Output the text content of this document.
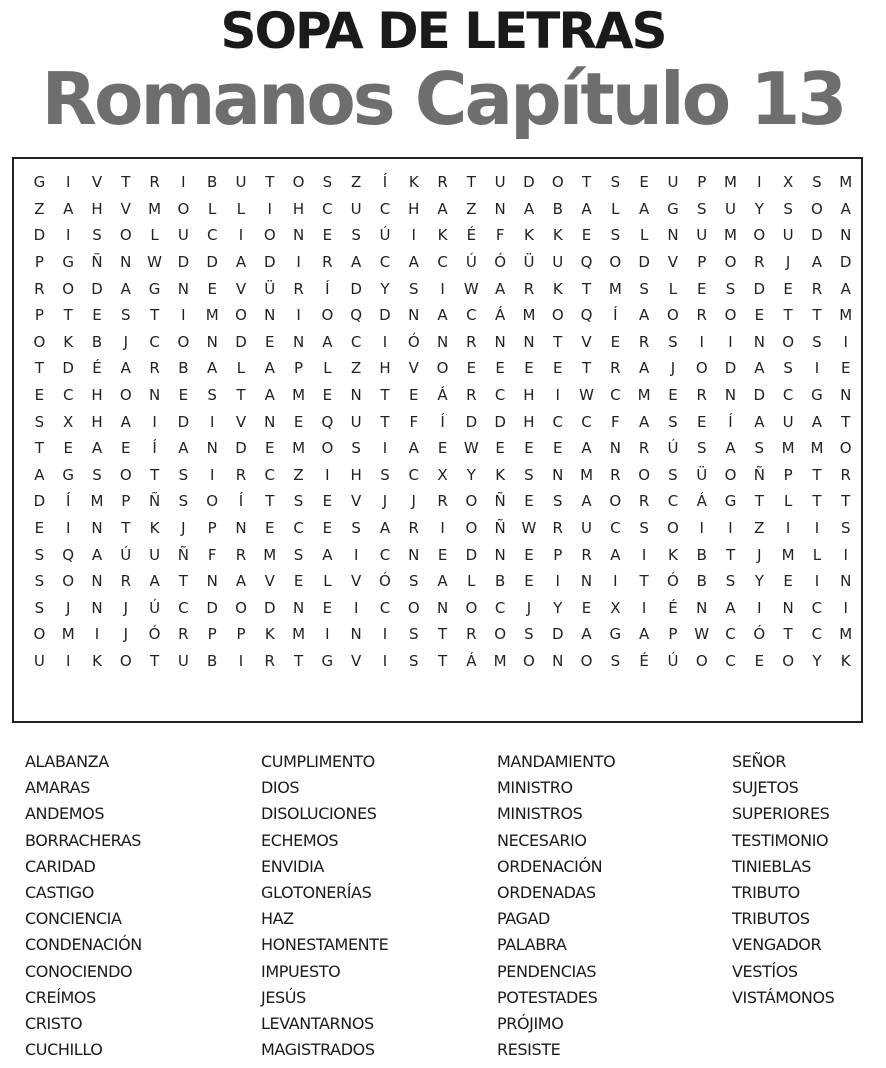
SOPA DE LETRAS
Romanos Capítulo 13
G	I	V	T	R	I	B	U	T	O	S	Z	Í	K	R	T	U	D	O	T	S	E	U	P	M	I	X	S	M
Z	A	H	V	M	O	L	L	I	H	C	U	C	H	A	Z	N	A	B	A	L	A	G	S	U	Y	S	O	A
D	I	S	O	L	U	C	I	O	N	E	S	Ú	I	K	É	F	K	K	E	S	L	N	U	M	O	U	D	N
P	G	Ñ	N	W	D	D	A	D	I	R	A	C	A	C	Ú	Ó	Ü	U	Q	O	D	V	P	O	R	J	A	D
R	O	D	A	G	N	E	V	Ü	R	Í	D	Y	S	I	W	A	R	K	T	M	S	L	E	S	D	E	R	A
P	T	E	S	T	I	M	O	N	I	O	Q	D	N	A	C	Á	M	O	Q	Í	A	O	R	O	E	T	T	M
O	K	B	J	C	O	N	D	E	N	A	C	I	Ó	N	R	N	N	T	V	E	R	S	I	I	N	O	S	I
T	D	É	A	R	B	A	L	A	P	L	Z	H	V	O	E	E	E	E	T	R	A	J	O	D	A	S	I	E
E	C	H	O	N	E	S	T	A	M	E	N	T	E	Á	R	C	H	I	W	C	M	E	R	N	D	C	G	N
S	X	H	A	I	D	I	V	N	E	Q	U	T	F	Í	D	D	H	C	C	F	A	S	E	Í	A	U	A	T
T	E	A	E	Í	A	N	D	E	M	O	S	I	A	E	W	E	E	E	A	N	R	Ú	S	A	S	M	M	O
A	G	S	O	T	S	I	R	C	Z	I	H	S	C	X	Y	K	S	N	M	R	O	S	Ü	O	Ñ	P	T	R
D	Í	M	P	Ñ	S	O	Í	T	S	E	V	J	J	R	O	Ñ	E	S	A	O	R	C	Á	G	T	L	T	T
E	I	N	T	K	J	P	N	E	C	E	S	A	R	I	O	Ñ	W	R	U	C	S	O	I	I	Z	I	I	S
S	Q	A	Ú	U	Ñ	F	R	M	S	A	I	C	N	E	D	N	E	P	R	A	I	K	B	T	J	M	L	I
S	O	N	R	A	T	N	A	V	E	L	V	Ó	S	A	L	B	E	I	N	I	T	Ó	B	S	Y	E	I	N
S	J	N	J	Ú	C	D	O	D	N	E	I	C	O	N	O	C	J	Y	E	X	I	É	N	A	I	N	C	I
O	M	I	J	Ó	R	P	P	K	M	I	N	I	S	T	R	O	S	D	A	G	A	P	W	C	Ó	T	C	M
U	I	K	O	T	U	B	I	R	T	G	V	I	S	T	Á	M	O	N	O	S	É	Ú	O	C	E	O	Y	K
ALABANZA
AMARAS
ANDEMOS
BORRACHERAS
CARIDAD
CASTIGO
CONCIENCIA
CONDENACIÓN
CONOCIENDO
CREÍMOS
CRISTO
CUCHILLO
CUMPLIMENTO
DIOS
DISOLUCIONES
ECHEMOS
ENVIDIA
GLOTONERÍAS
HAZ
HONESTAMENTE
IMPUESTO
JESÚS
LEVANTARNOS
MAGISTRADOS
MANDAMIENTO
MINISTRO
MINISTROS
NECESARIO
ORDENACIÓN
ORDENADAS
PAGAD
PALABRA
PENDENCIAS
POTESTADES
PRÓJIMO
RESISTE
SEÑOR
SUJETOS
SUPERIORES
TESTIMONIO
TINIEBLAS
TRIBUTO
TRIBUTOS
VENGADOR
VESTÍOS
VISTÁMONOS
